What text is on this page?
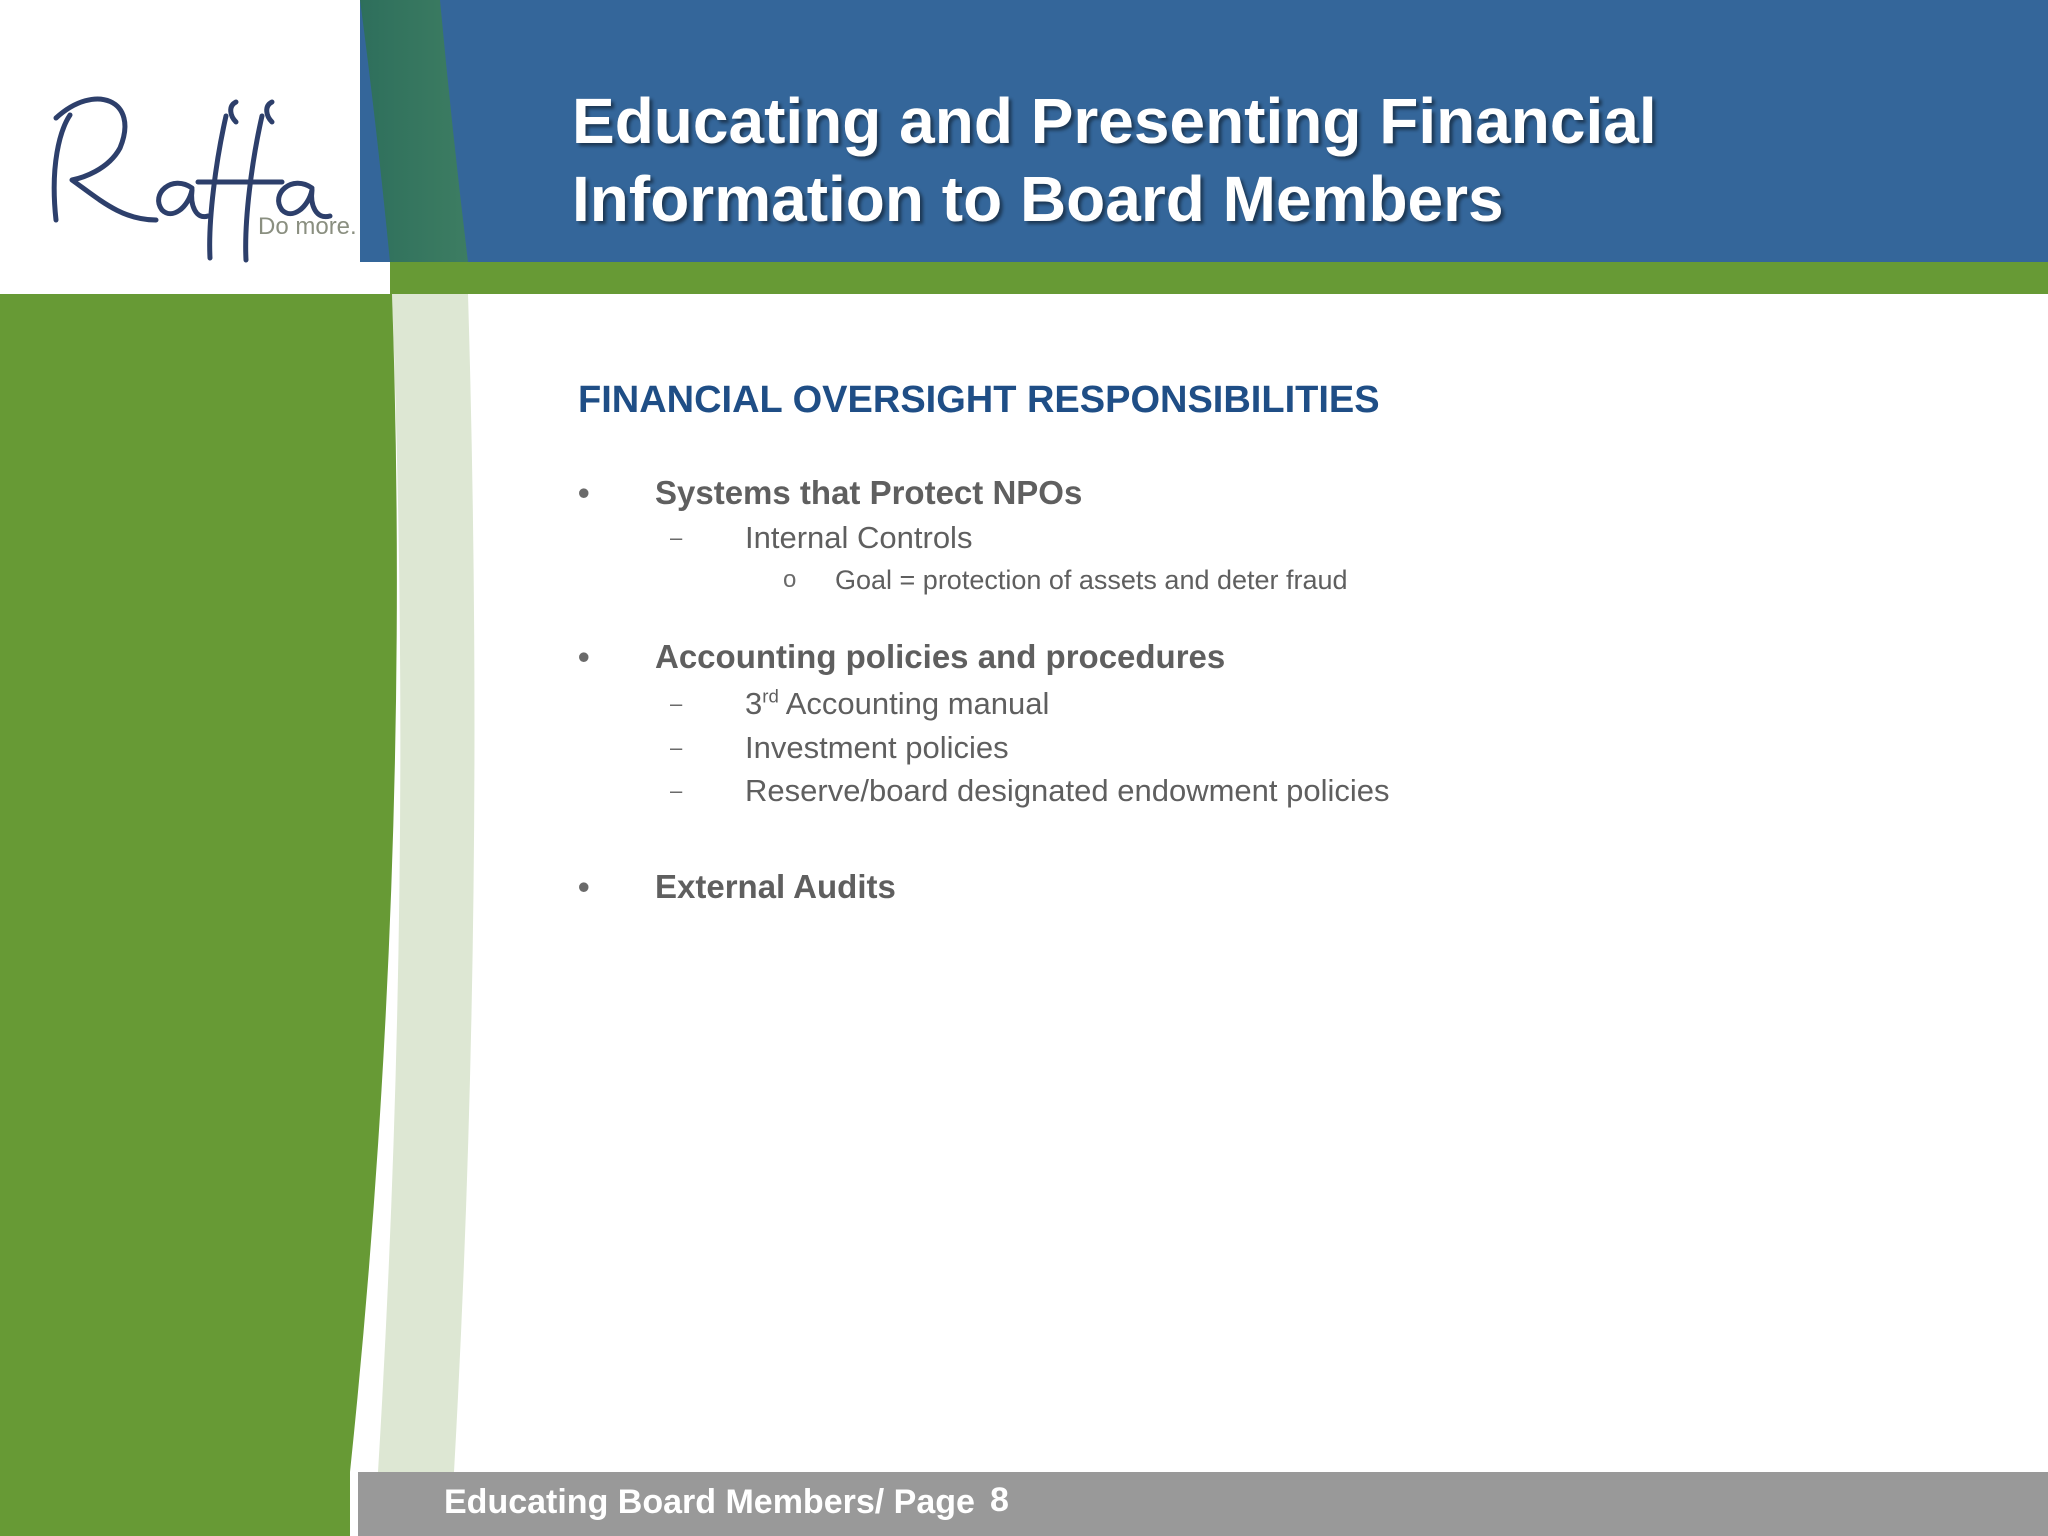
Do more.
Educating and Presenting Financial
Information to Board Members
FINANCIAL OVERSIGHT RESPONSIBILITIES
• Systems that Protect NPOs
– Internal Controls
o Goal = protection of assets and deter fraud
• Accounting policies and procedures
– 3rd Accounting manual
– Investment policies
– Reserve/board designated endowment policies
• External Audits
Educating Board Members/ Page 8
